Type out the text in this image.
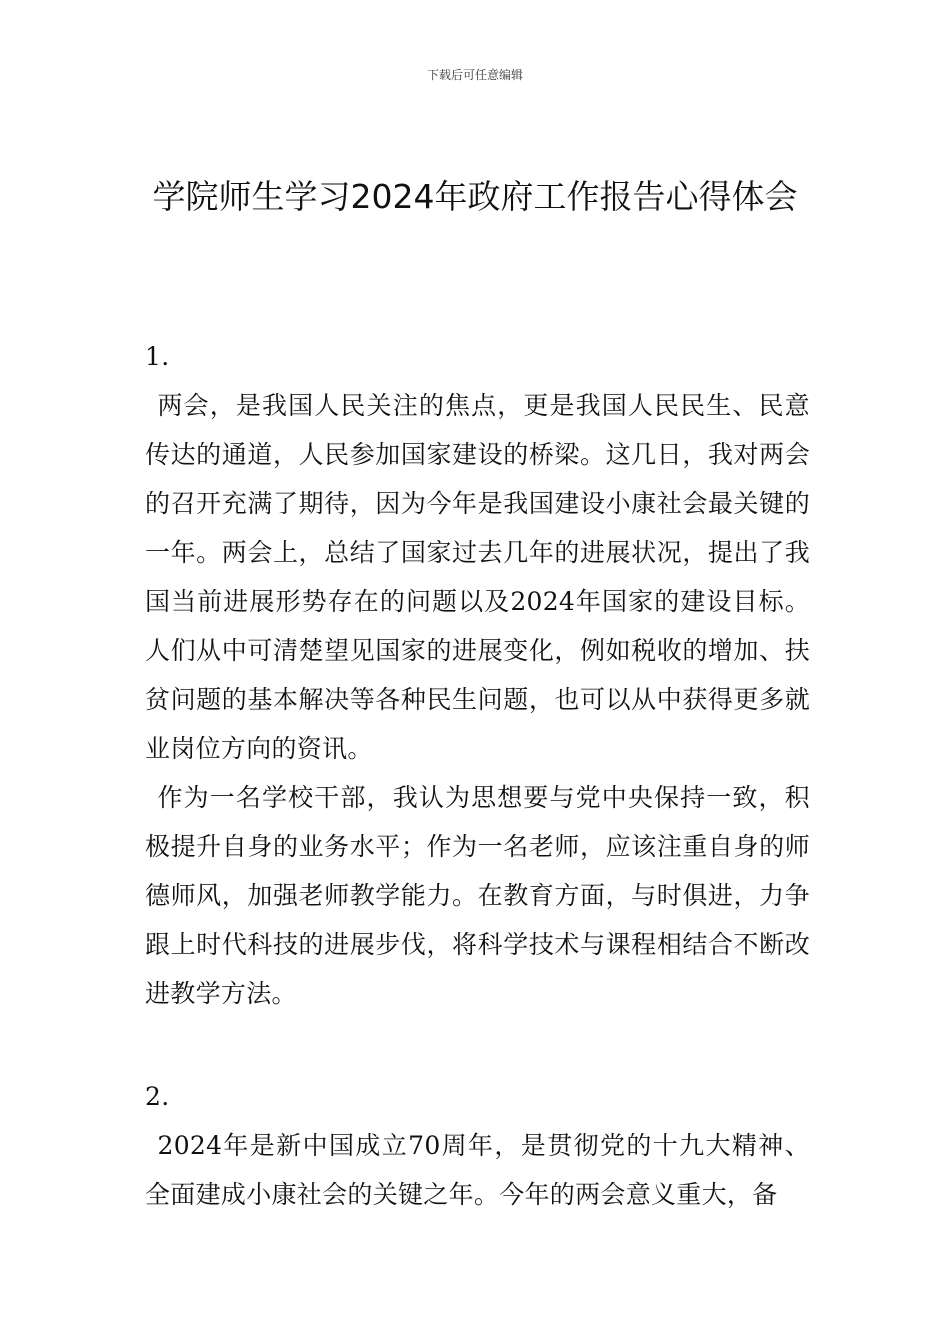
下载后可任意编辑
学院师生学习2024年政府工作报告心得体会

1.

两会，是我国人民关注的焦点，更是我国人民民生、民意传达的通道，人民参加国家建设的桥梁。这几日，我对两会的召开充满了期待，因为今年是我国建设小康社会最关键的一年。两会上，总结了国家过去几年的进展状况，提出了我国当前进展形势存在的问题以及2024年国家的建设目标。人们从中可清楚望见国家的进展变化，例如税收的增加、扶贫问题的基本解决等各种民生问题，也可以从中获得更多就业岗位方向的资讯。

作为一名学校干部，我认为思想要与党中央保持一致，积极提升自身的业务水平；作为一名老师，应该注重自身的师德师风，加强老师教学能力。在教育方面，与时俱进，力争跟上时代科技的进展步伐，将科学技术与课程相结合不断改进教学方法。

2.

2024年是新中国成立70周年，是贯彻党的十九大精神、全面建成小康社会的关键之年。今年的两会意义重大，备
